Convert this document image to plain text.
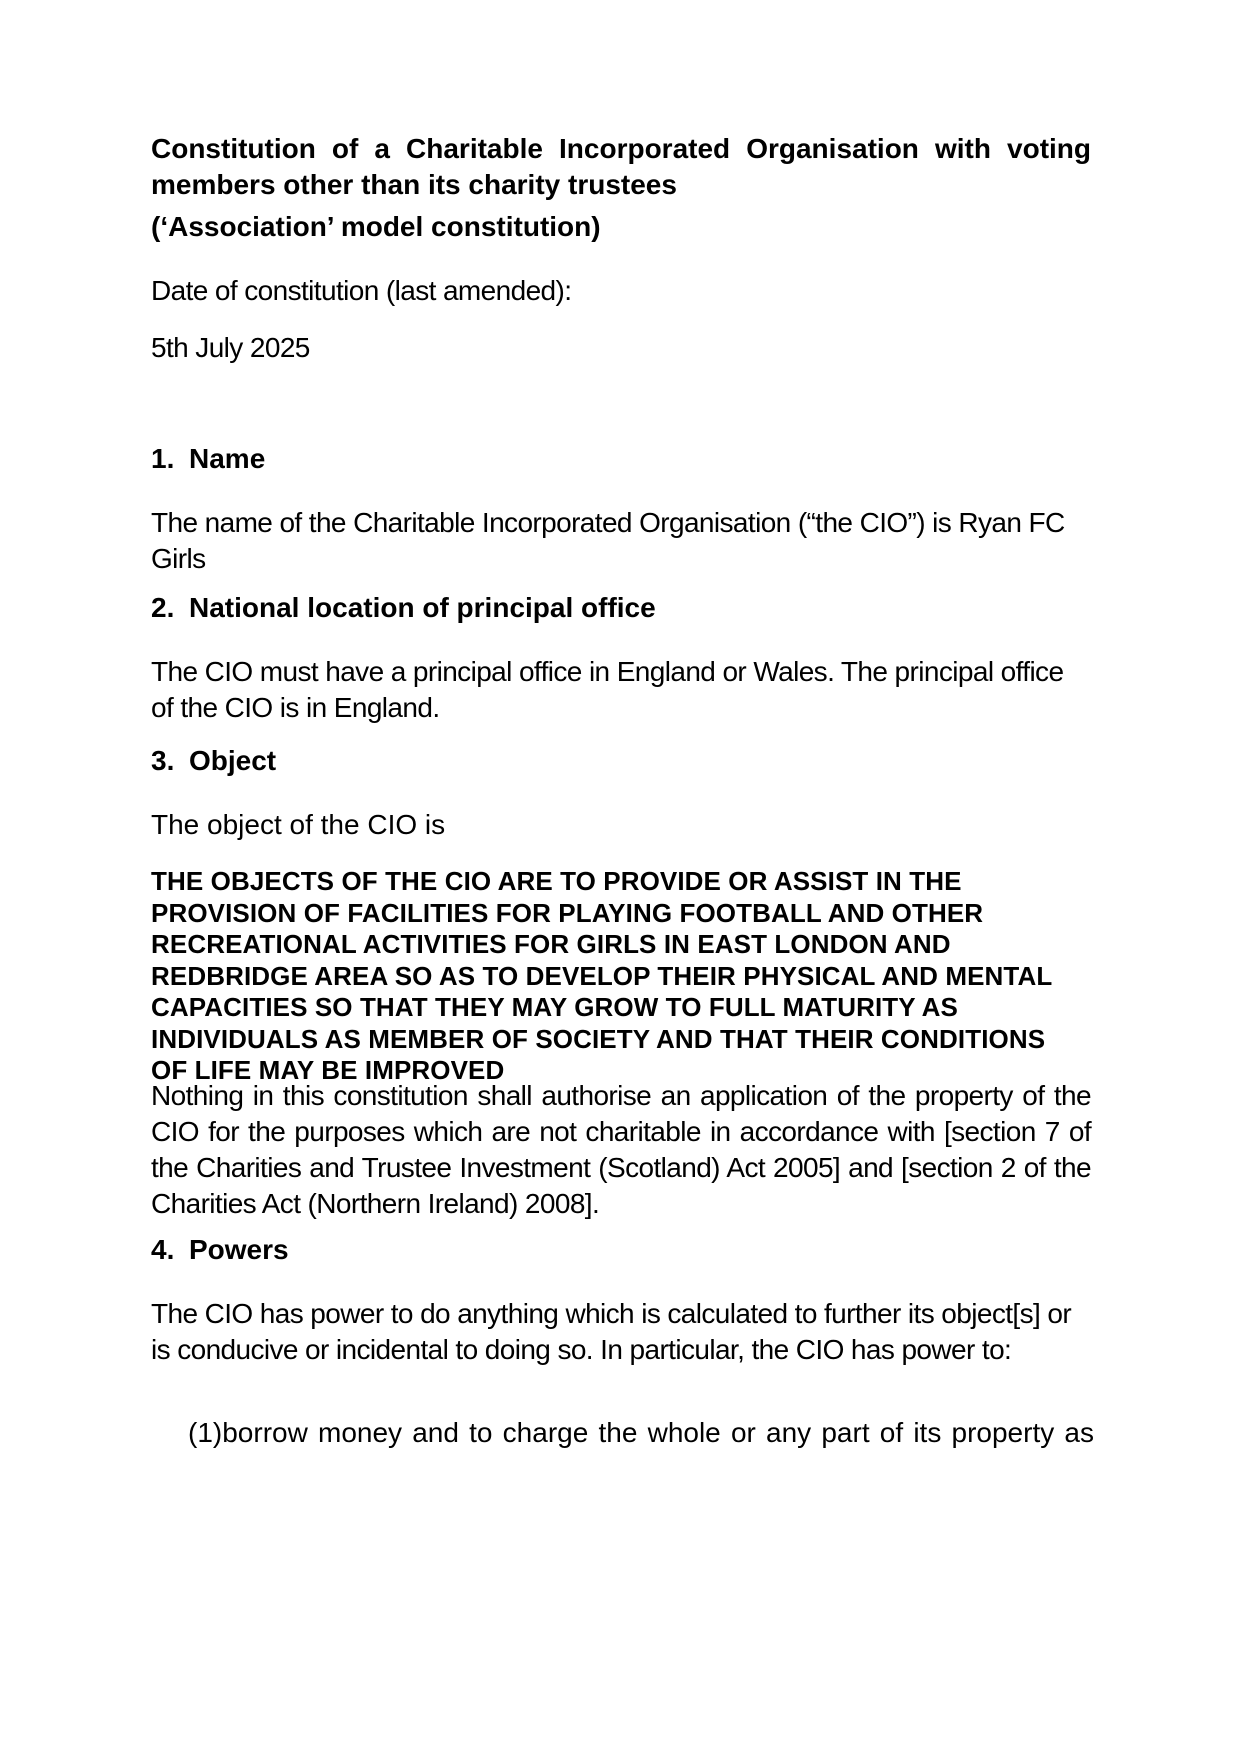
Constitution of a Charitable Incorporated Organisation with voting members other than its charity trustees

(‘Association’ model constitution)

Date of constitution (last amended):

5th July 2025

1. Name

The name of the Charitable Incorporated Organisation (“the CIO”) is Ryan FC Girls

2. National location of principal office

The CIO must have a principal office in England or Wales. The principal office of the CIO is in England.

3. Object

The object of the CIO is

THE OBJECTS OF THE CIO ARE TO PROVIDE OR ASSIST IN THE PROVISION OF FACILITIES FOR PLAYING FOOTBALL AND OTHER RECREATIONAL ACTIVITIES FOR GIRLS IN EAST LONDON AND REDBRIDGE AREA SO AS TO DEVELOP THEIR PHYSICAL AND MENTAL CAPACITIES SO THAT THEY MAY GROW TO FULL MATURITY AS INDIVIDUALS AS MEMBER OF SOCIETY AND THAT THEIR CONDITIONS OF LIFE MAY BE IMPROVED

Nothing in this constitution shall authorise an application of the property of the CIO for the purposes which are not charitable in accordance with [section 7 of the Charities and Trustee Investment (Scotland) Act 2005] and [section 2 of the Charities Act (Northern Ireland) 2008].

4. Powers

The CIO has power to do anything which is calculated to further its object[s] or is conducive or incidental to doing so. In particular, the CIO has power to:

(1)borrow money and to charge the whole or any part of its property as
